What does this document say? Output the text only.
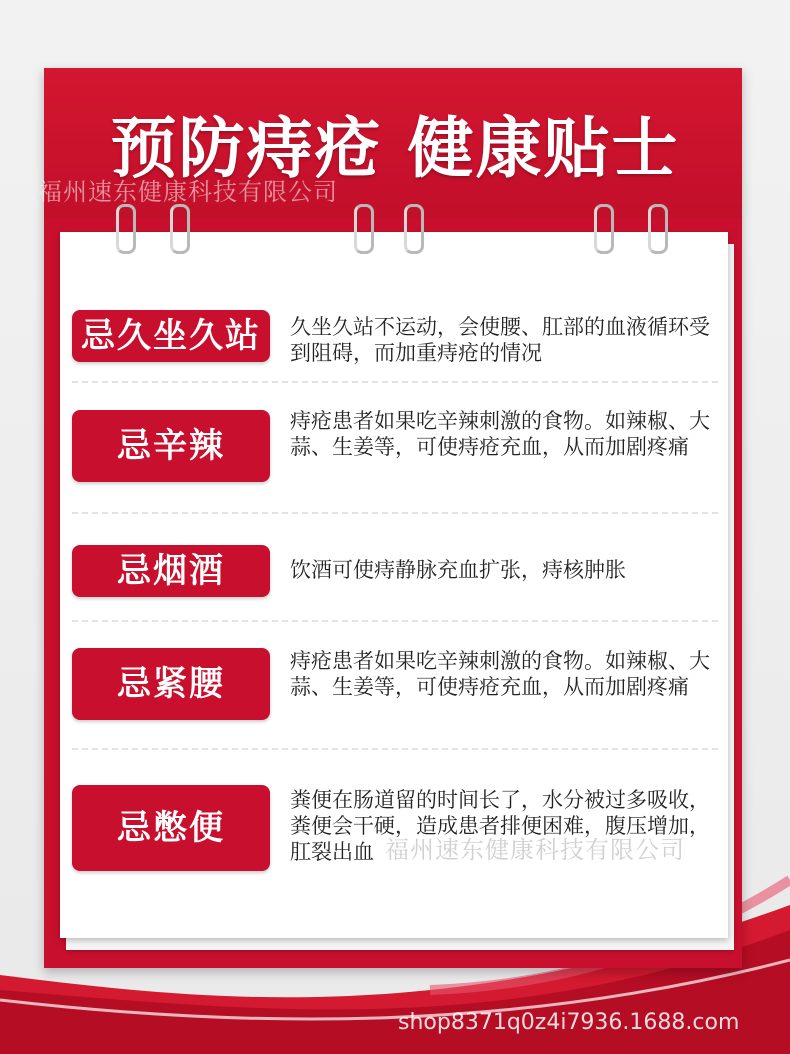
预防痔疮 健康贴士
福州速东健康科技有限公司
忌久坐久站	久坐久站不运动，会使腰、肛部的血液循环受到阻碍，而加重痔疮的情况
忌辛辣
痔疮患者如果吃辛辣刺激的食物。如辣椒、大蒜、生姜等，可使痔疮充血，从而加剧疼痛
忌烟酒	饮酒可使痔静脉充血扩张，痔核肿胀
忌紧腰
痔疮患者如果吃辛辣刺激的食物。如辣椒、大蒜、生姜等，可使痔疮充血，从而加剧疼痛
忌憋便
粪便在肠道留的时间长了，水分被过多吸收，粪便会干硬，造成患者排便困难，腹压增加，肛裂出血 福州速东健康科技有限公司
shop8371q0z4i7936.1688.com
